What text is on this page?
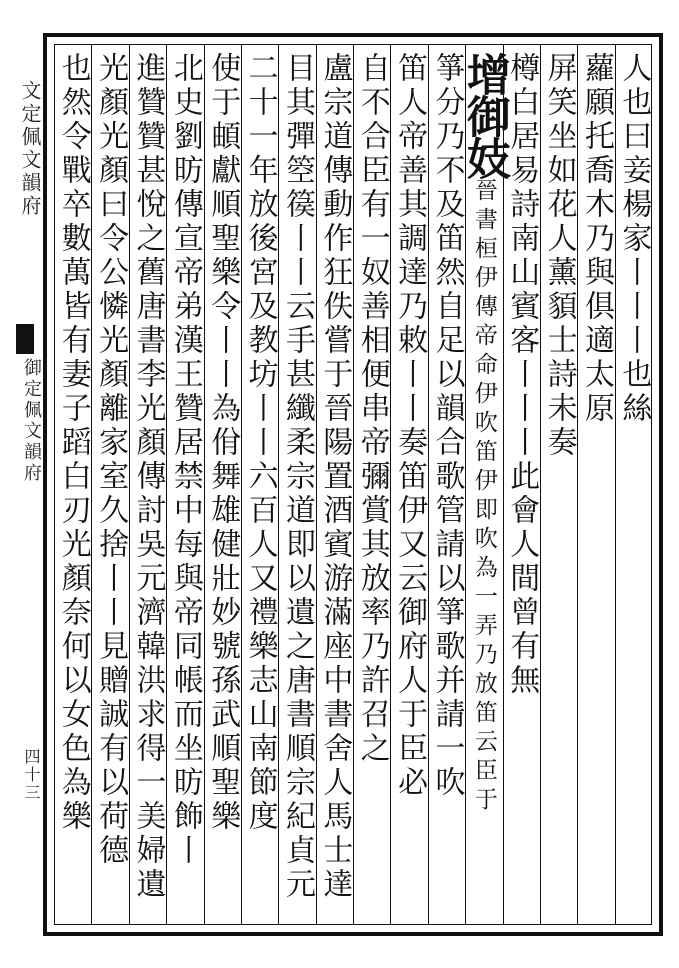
文定佩文韻府
御定佩文韻府
四十三
人也曰妾楊家丨丨丨也絲
蘿願托喬木乃與俱適太原
屏笑坐如花人薰䫉士詩未奏
樽白居易詩南山賓客丨丨丨此會人間曾有無
增御妓
晉書桓伊傳帝命伊吹笛伊即吹為一弄乃放笛云臣于
箏分乃不及笛然自足以韻合歌管請以箏歌并請一吹
笛人帝善其調達乃敕丨丨奏笛伊又云御府人于臣必
自不合臣有一奴善相便串帝彌賞其放率乃許召之
盧宗道傳動作狂佚嘗于晉陽置酒賓游滿座中書舍人馬士達
目其彈箜篌丨丨云手甚纖柔宗道即以遺之唐書順宗紀貞元
二十一年放後宮及教坊丨丨六百人又禮樂志山南節度
使于頔獻順聖樂令丨丨為佾舞雄健壯妙號孫武順聖樂
北史劉昉傳宣帝弟漢王贊居禁中每與帝同帳而坐昉飾丨
進贊贊甚悅之舊唐書李光顏傳討吳元濟韓洪求得一美婦遺
光顏光顏曰令公憐光顏離家室久捨丨丨見贈誠有以荷德
也然令戰卒數萬皆有妻子蹈白刃光顏奈何以女色為樂
